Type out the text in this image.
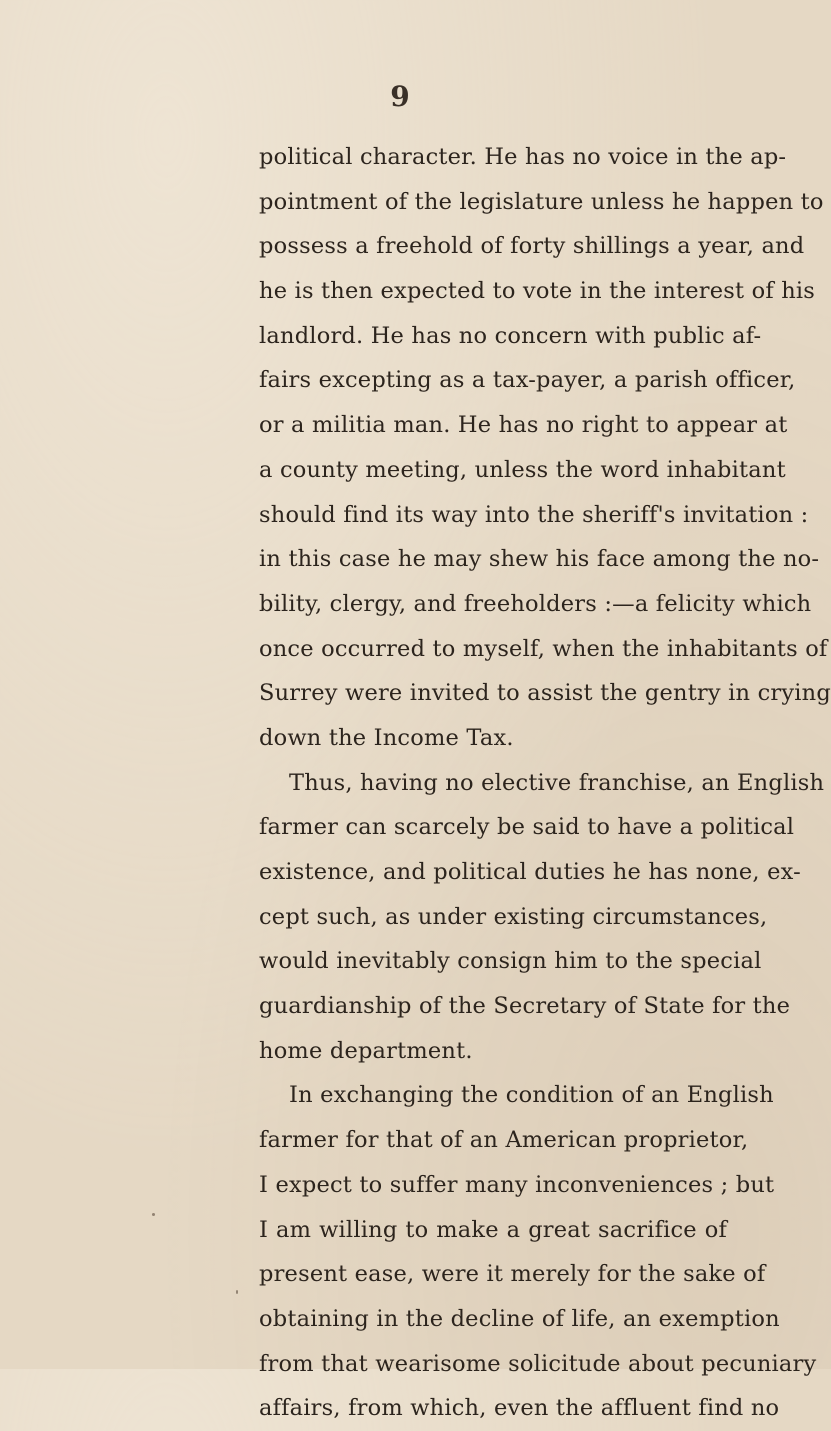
9
political character. He has no voice in the ap-
pointment of the legislature unless he happen to
possess a freehold of forty shillings a year, and
he is then expected to vote in the interest of his
landlord. He has no concern with public af-
fairs excepting as a tax-payer, a parish officer,
or a militia man. He has no right to appear at
a county meeting, unless the word inhabitant
should find its way into the sheriff's invitation :
in this case he may shew his face among the no-
bility, clergy, and freeholders :—a felicity which
once occurred to myself, when the inhabitants of
Surrey were invited to assist the gentry in crying
down the Income Tax.
Thus, having no elective franchise, an English
farmer can scarcely be said to have a political
existence, and political duties he has none, ex-
cept such, as under existing circumstances,
would inevitably consign him to the special
guardianship of the Secretary of State for the
home department.
In exchanging the condition of an English
farmer for that of an American proprietor,
I expect to suffer many inconveniences ; but
I am willing to make a great sacrifice of
present ease, were it merely for the sake of
obtaining in the decline of life, an exemption
from that wearisome solicitude about pecuniary
affairs, from which, even the affluent find no
